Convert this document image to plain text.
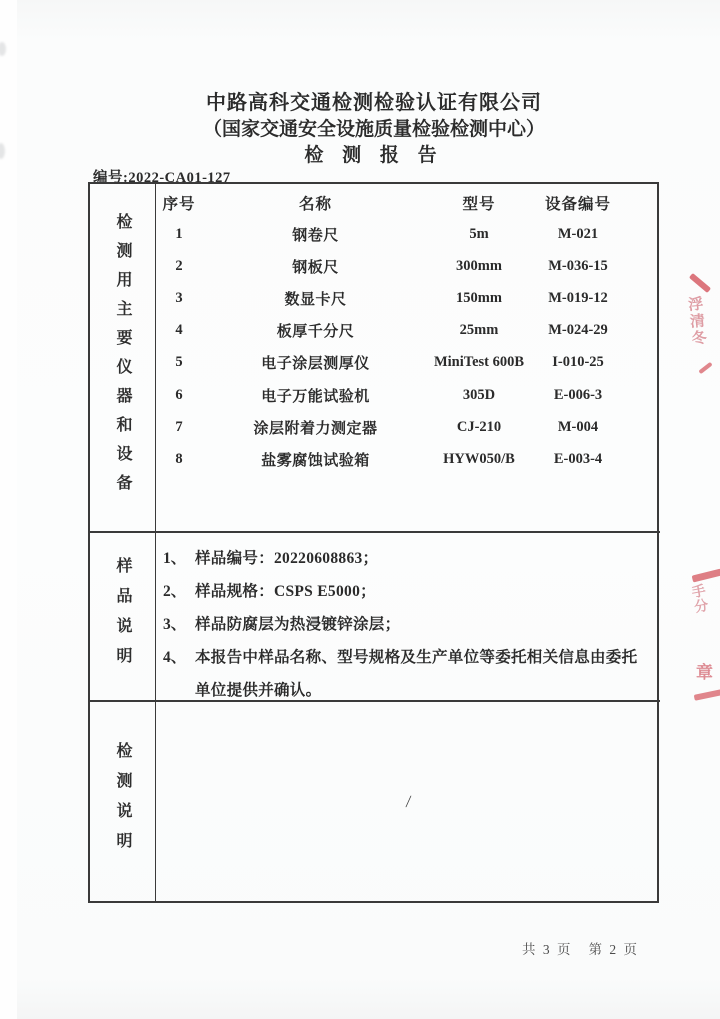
中路高科交通检测检验认证有限公司
（国家交通安全设施质量检验检测中心）
检 测 报 告
编号:2022-CA01-127
检测用主要仪器和设备
序号	名称	型号	设备编号
1	钢卷尺	5m	M-021
2	钢板尺	300mm	M-036-15
3	数显卡尺	150mm	M-019-12
4	板厚千分尺	25mm	M-024-29
5	电子涂层测厚仪	MiniTest 600B	I-010-25
6	电子万能试验机	305D	E-006-3
7	涂层附着力测定器	CJ-210	M-004
8	盐雾腐蚀试验箱	HYW050/B	E-003-4
样品说明 1、 样品编号：20220608863；
2、 样品规格：CSPS E5000；
3、 样品防腐层为热浸镀锌涂层；
4、 本报告中样品名称、型号规格及生产单位等委托相关信息由委托单位提供并确认。
检测说明	/
共 3 页 第 2 页
浮清冬
手分
章
